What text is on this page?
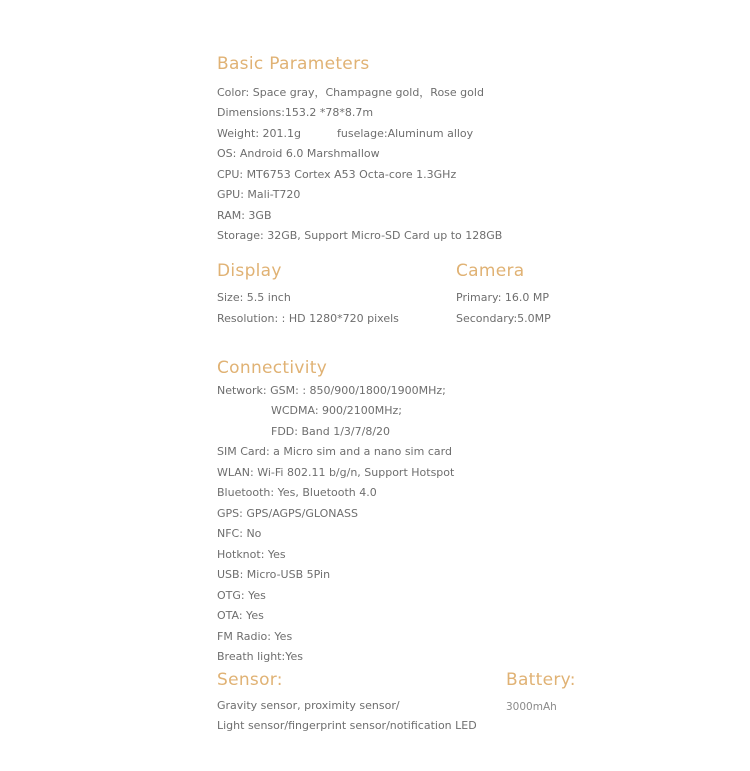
Basic Parameters

Color: Space gray，Champagne gold，Rose gold

Dimensions:153.2 *78*8.7m

Weight: 201.1g	fuselage:Aluminum alloy

OS: Android 6.0 Marshmallow

CPU: MT6753 Cortex A53 Octa-core 1.3GHz

GPU: Mali-T720

RAM: 3GB

Storage: 32GB, Support Micro-SD Card up to 128GB

Display

Size: 5.5 inch

Resolution: : HD 1280*720 pixels

Camera

Primary: 16.0 MP

Secondary:5.0MP

Connectivity

Network: GSM: : 850/900/1800/1900MHz;

WCDMA: 900/2100MHz;

FDD: Band 1/3/7/8/20

SIM Card: a Micro sim and a nano sim card

WLAN: Wi-Fi 802.11 b/g/n, Support Hotspot

Bluetooth: Yes, Bluetooth 4.0

GPS: GPS/AGPS/GLONASS

NFC: No

Hotknot: Yes

USB: Micro-USB 5Pin

OTG: Yes

OTA: Yes

FM Radio: Yes

Breath light:Yes

Sensor:

Gravity sensor, proximity sensor/

Light sensor/fingerprint sensor/notification LED

Battery:

3000mAh
